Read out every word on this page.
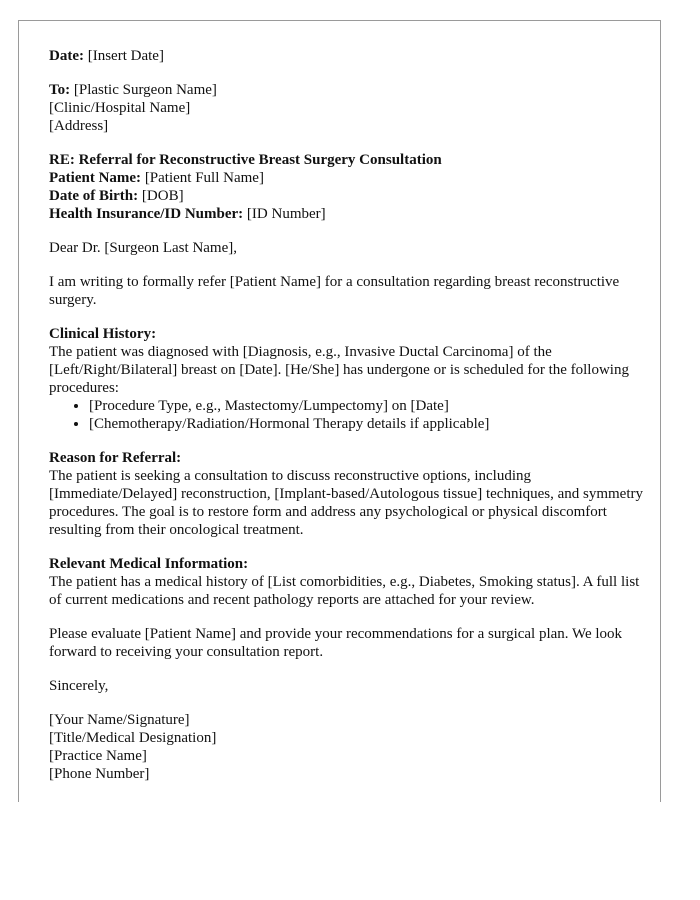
Date: [Insert Date]
To: [Plastic Surgeon Name]
[Clinic/Hospital Name]
[Address]
RE: Referral for Reconstructive Breast Surgery Consultation
Patient Name: [Patient Full Name]
Date of Birth: [DOB]
Health Insurance/ID Number: [ID Number]

Dear Dr. [Surgeon Last Name],

I am writing to formally refer [Patient Name] for a consultation regarding breast reconstructive surgery.

Clinical History:

The patient was diagnosed with [Diagnosis, e.g., Invasive Ductal Carcinoma] of the [Left/Right/Bilateral] breast on [Date]. [He/She] has undergone or is scheduled for the following procedures:

• [Procedure Type, e.g., Mastectomy/Lumpectomy] on [Date]
• [Chemotherapy/Radiation/Hormonal Therapy details if applicable]
Reason for Referral:

The patient is seeking a consultation to discuss reconstructive options, including [Immediate/Delayed] reconstruction, [Implant-based/Autologous tissue] techniques, and symmetry procedures. The goal is to restore form and address any psychological or physical discomfort resulting from their oncological treatment.

Relevant Medical Information:

The patient has a medical history of [List comorbidities, e.g., Diabetes, Smoking status]. A full list of current medications and recent pathology reports are attached for your review.

Please evaluate [Patient Name] and provide your recommendations for a surgical plan. We look forward to receiving your consultation report.

Sincerely,

[Your Name/Signature]
[Title/Medical Designation]
[Practice Name]
[Phone Number]
